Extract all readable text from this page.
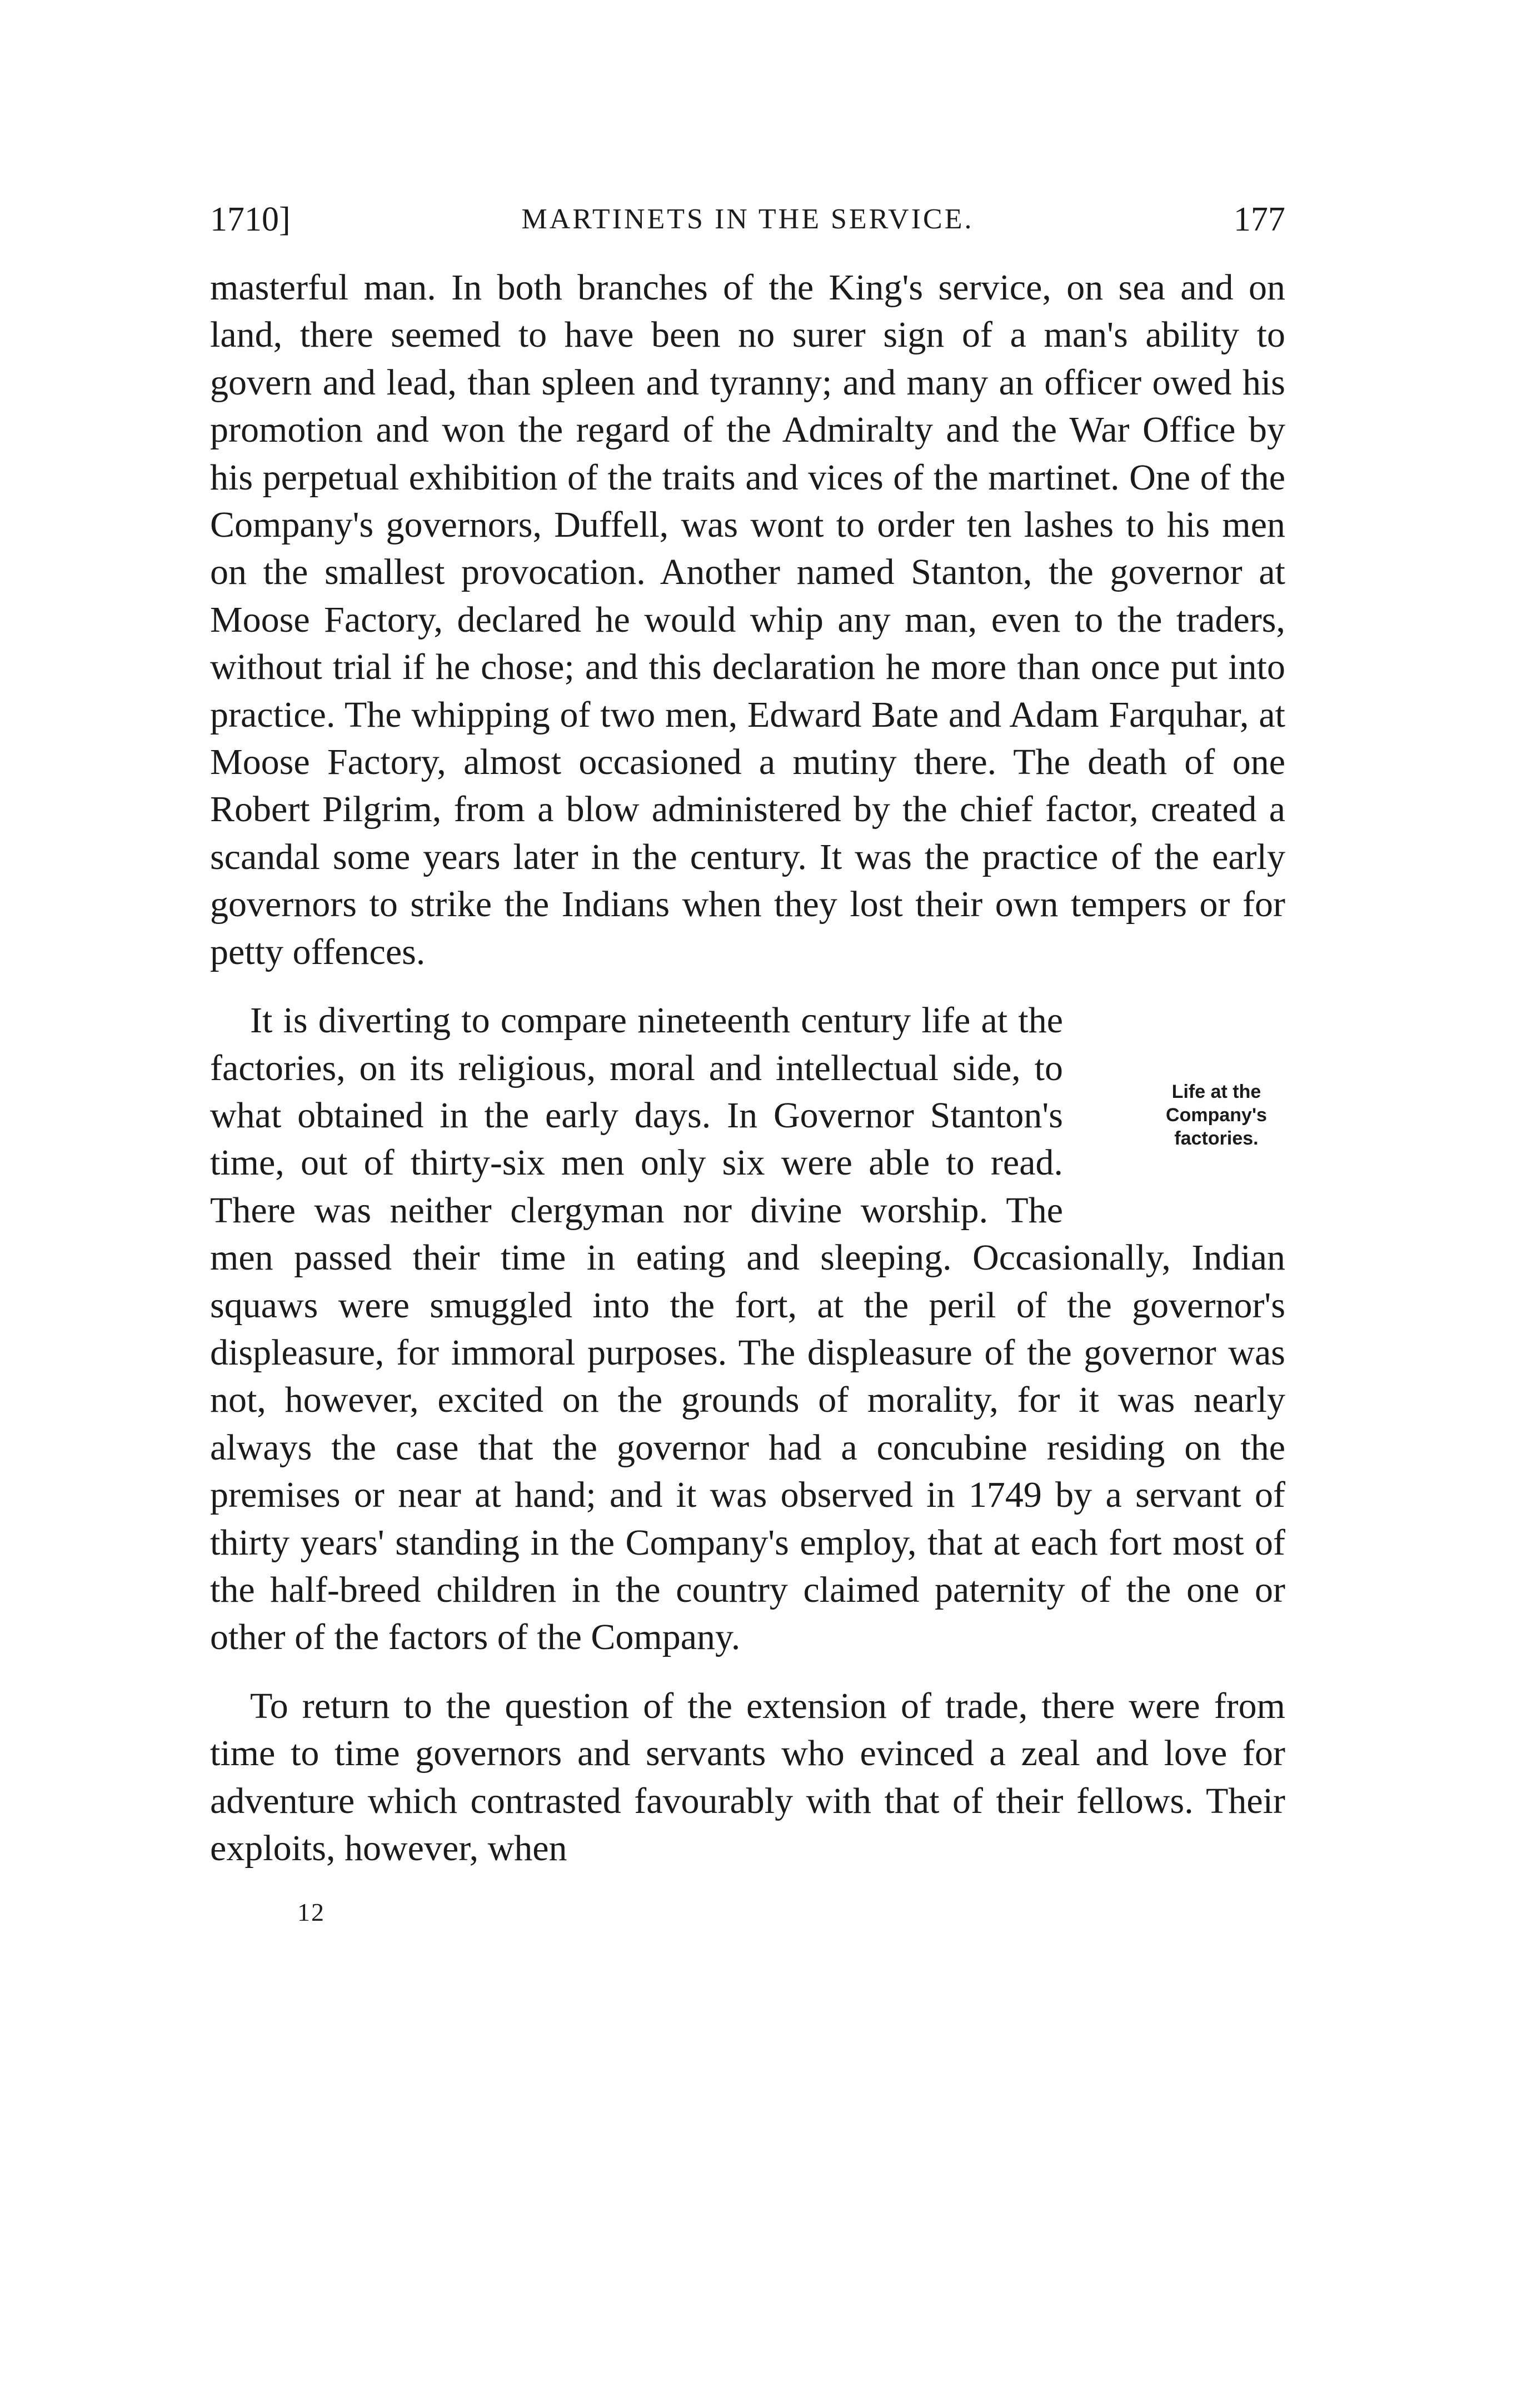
1710]	MARTINETS IN THE SERVICE.	177

masterful man. In both branches of the King's service, on sea and on land, there seemed to have been no surer sign of a man's ability to govern and lead, than spleen and tyranny; and many an officer owed his promotion and won the regard of the Admiralty and the War Office by his perpetual exhibition of the traits and vices of the martinet. One of the Company's governors, Duffell, was wont to order ten lashes to his men on the smallest provocation. Another named Stanton, the governor at Moose Factory, declared he would whip any man, even to the traders, without trial if he chose; and this declaration he more than once put into practice. The whipping of two men, Edward Bate and Adam Farquhar, at Moose Factory, almost occasioned a mutiny there. The death of one Robert Pilgrim, from a blow administered by the chief factor, created a scandal some years later in the century. It was the practice of the early governors to strike the Indians when they lost their own tempers or for petty offences.

Life at the
Company's
factories.
It is diverting to compare nineteenth century life at the factories, on its religious, moral and intellectual side, to what obtained in the early days. In Governor Stanton's time, out of thirty-six men only six were able to read. There was neither clergyman nor divine worship. The men passed their time in eating and sleeping. Occasionally, Indian squaws were smuggled into the fort, at the peril of the governor's displeasure, for immoral purposes. The displeasure of the governor was not, however, excited on the grounds of morality, for it was nearly always the case that the governor had a concubine residing on the premises or near at hand; and it was observed in 1749 by a servant of thirty years' standing in the Company's employ, that at each fort most of the half-breed children in the country claimed paternity of the one or other of the factors of the Company.

To return to the question of the extension of trade, there were from time to time governors and servants who evinced a zeal and love for adventure which contrasted favourably with that of their fellows. Their exploits, however, when

12
